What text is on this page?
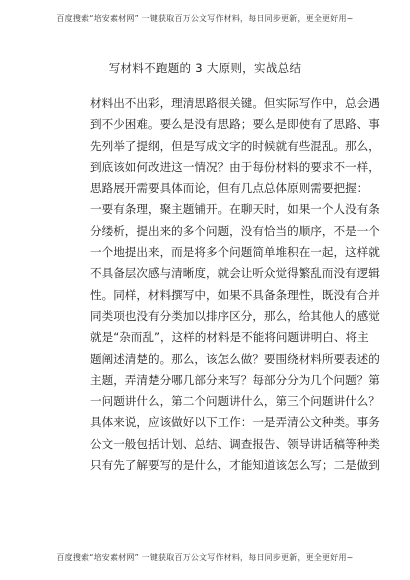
百度搜索“培安素材网” 一键获取百万公文写作材料，每日同步更新，更全更好用~
写材料不跑题的 3 大原则，实战总结
材料出不出彩，理清思路很关键。但实际写作中，总会遇
到不少困难。要么是没有思路；要么是即使有了思路、事
先列举了提纲，但是写成文字的时候就有些混乱。那么，
到底该如何改进这一情况？由于每份材料的要求不一样，
思路展开需要具体而论，但有几点总体原则需要把握：
一要有条理，聚主题铺开。在聊天时，如果一个人没有条
分缕析，提出来的多个问题，没有恰当的顺序，不是一个
一个地提出来，而是将多个问题简单堆积在一起，这样就
不具备层次感与清晰度，就会让听众觉得繁乱而没有逻辑
性。同样，材料撰写中，如果不具备条理性，既没有合并
同类项也没有分类加以排序区分，那么，给其他人的感觉
就是“杂而乱”，这样的材料是不能将问题讲明白、将主
题阐述清楚的。那么，该怎么做？要围绕材料所要表述的
主题，弄清楚分哪几部分来写？每部分分为几个问题？第
一问题讲什么，第二个问题讲什么，第三个问题讲什么？
具体来说，应该做好以下工作：一是弄清公文种类。事务
公文一般包括计划、总结、调查报告、领导讲话稿等种类
只有先了解要写的是什么，才能知道该怎么写；二是做到
百度搜索“培安素材网” 一键获取百万公文写作材料，每日同步更新，更全更好用~
